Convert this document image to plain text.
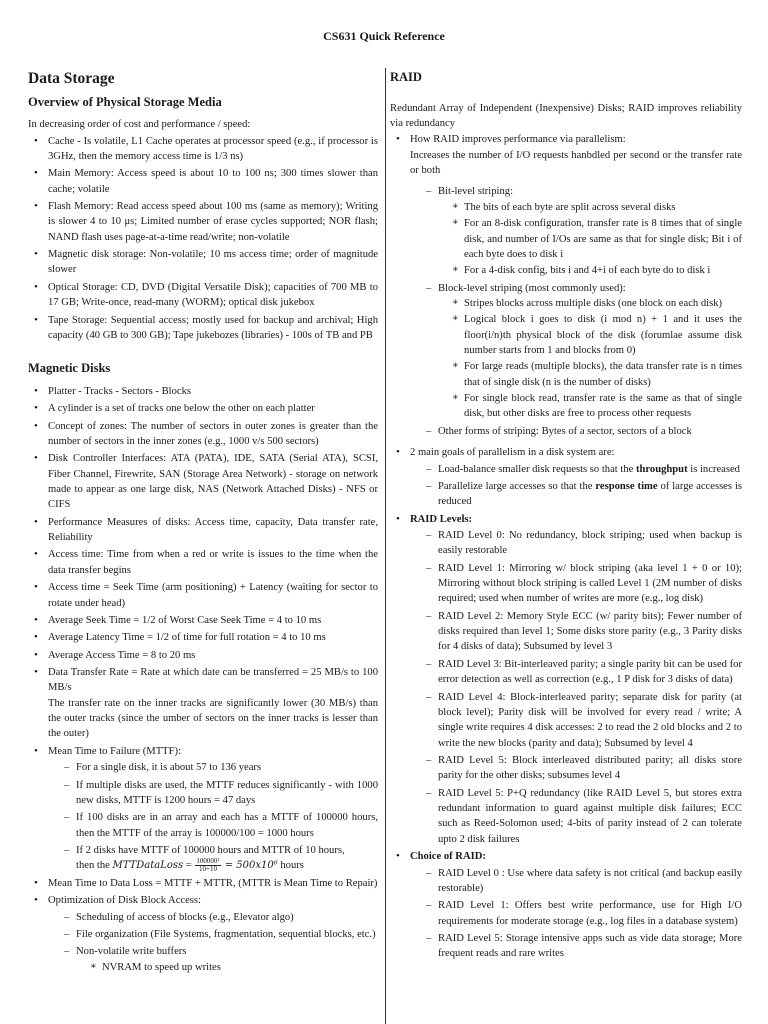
CS631 Quick Reference
Data Storage
Overview of Physical Storage Media

In decreasing order of cost and performance / speed:

• Cache - Is volatile, L1 Cache operates at processor speed (e.g., if processor is 3GHz, then the memory access time is 1/3 ns)
• Main Memory: Access speed is about 10 to 100 ns; 300 times slower than cache; volatile
• Flash Memory: Read access speed about 100 ms (same as memory); Writing is slower 4 to 10 μs; Limited number of erase cycles supported; NOR flash; NAND flash uses page-at-a-time read/write; non-volatile
• Magnetic disk storage: Non-volatile; 10 ms access time; order of magnitude slower
• Optical Storage: CD, DVD (Digital Versatile Disk); capacities of 700 MB to 17 GB; Write-once, read-many (WORM); optical disk jukebox
• Tape Storage: Sequential access; mostly used for backup and archival; High capacity (40 GB to 300 GB); Tape jukebozes (libraries) - 100s of TB and PB
Magnetic Disks
• Platter - Tracks - Sectors - Blocks
• A cylinder is a set of tracks one below the other on each platter
• Concept of zones: The number of sectors in outer zones is greater than the number of sectors in the inner zones (e.g., 1000 v/s 500 sectors)
• Disk Controller Interfaces: ATA (PATA), IDE, SATA (Serial ATA), SCSI, Fiber Channel, Firewrite, SAN (Storage Area Network) - storage on network made to appear as one large disk, NAS (Network Attached Disks) - NFS or CIFS
• Performance Measures of disks: Access time, capacity, Data transfer rate, Reliability
• Access time: Time from when a red or write is issues to the time when the data transfer begins
• Access time = Seek Time (arm positioning) + Latency (waiting for sector to rotate under head)
• Average Seek Time = 1/2 of Worst Case Seek Time = 4 to 10 ms
• Average Latency Time = 1/2 of time for full rotation = 4 to 10 ms
• Average Access Time = 8 to 20 ms
• Data Transfer Rate = Rate at which date can be transferred = 25 MB/s to 100 MB/s
The transfer rate on the inner tracks are significantly lower (30 MB/s) than the outer tracks (since the umber of sectors on the inner tracks is lesser than the outer)
• Mean Time to Failure (MTTF):
– For a single disk, it is about 57 to 136 years
– If multiple disks are used, the MTTF reduces significantly - with 1000 new disks, MTTF is 1200 hours = 47 days
– If 100 disks are in an array and each has a MTTF of 100000 hours, then the MTTF of the array is 100000/100 = 1000 hours
– If 2 disks have MTTF of 100000 hours and MTTR of 10 hours,
then the MTTDataLoss = $\frac{\text{100000²}}{10+10} = 500x10^6$ hours
• Mean Time to Data Loss = MTTF + MTTR, (MTTR is Mean Time to Repair)
• Optimization of Disk Block Access:
– Scheduling of access of blocks (e.g., Elevator algo)
– File organization (File Systems, fragmentation, sequential blocks, etc.)
– Non-volatile write buffers
∗ NVRAM to speed up writes
RAID

Redundant Array of Independent (Inexpensive) Disks; RAID improves reliability via redundancy

• How RAID improves performance via parallelism:
Increases the number of I/O requests hanbdled per second or the transfer rate or both
– Bit-level striping:
∗ The bits of each byte are split across several disks
∗ For an 8-disk configuration, transfer rate is 8 times that of single disk, and number of I/Os are same as that for single disk; Bit i of each byte does to disk i
∗ For a 4-disk config, bits i and 4+i of each byte do to disk i
– Block-level striping (most commonly used):
∗ Stripes blocks across multiple disks (one block on each disk)
∗ Logical block i goes to disk (i mod n) + 1 and it uses the floor(i/n)th physical block of the disk (forumlae assume disk number starts from 1 and blocks from 0)
∗ For large reads (multiple blocks), the data transfer rate is n times that of single disk (n is the number of disks)
∗ For single block read, transfer rate is the same as that of single disk, but other disks are free to process other requests
– Other forms of striping: Bytes of a sector, sectors of a block
• 2 main goals of parallelism in a disk system are:
– Load-balance smaller disk requests so that the throughput is increased
– Parallelize large accesses so that the response time of large accesses is reduced
• RAID Levels:
– RAID Level 0: No redundancy, block striping; used when backup is easily restorable
– RAID Level 1: Mirroring w/ block striping (aka level 1 + 0 or 10); Mirroring without block striping is called Level 1 (2M number of disks required; used when number of writes are more (e.g., log disk)
– RAID Level 2: Memory Style ECC (w/ parity bits); Fewer number of disks required than level 1; Some disks store parity (e.g., 3 Parity disks for 4 disks of data); Subsumed by level 3
– RAID Level 3: Bit-interleaved parity; a single parity bit can be used for error detection as well as correction (e.g., 1 P disk for 3 disks of data)
– RAID Level 4: Block-interleaved parity; separate disk for parity (at block level); Parity disk will be involved for every read / write; A single write requires 4 disk accesses: 2 to read the 2 old blocks and 2 to write the new blocks (parity and data); Subsumed by level 4
– RAID Level 5: Block interleaved distributed parity; all disks store parity for the other disks; subsumes level 4
– RAID Level 5: P+Q redundancy (like RAID Level 5, but stores extra redundant information to guard against multiple disk failures; ECC such as Reed-Solomon used; 4-bits of parity instead of 2 can tolerate upto 2 disk failures
• Choice of RAID:
– RAID Level 0 : Use where data safety is not critical (and backup easily restorable)
– RAID Level 1: Offers best write performance, use for High I/O requirements for moderate storage (e.g., log files in a database system)
– RAID Level 5: Storage intensive apps such as vide data storage; More frequent reads and rare writes
